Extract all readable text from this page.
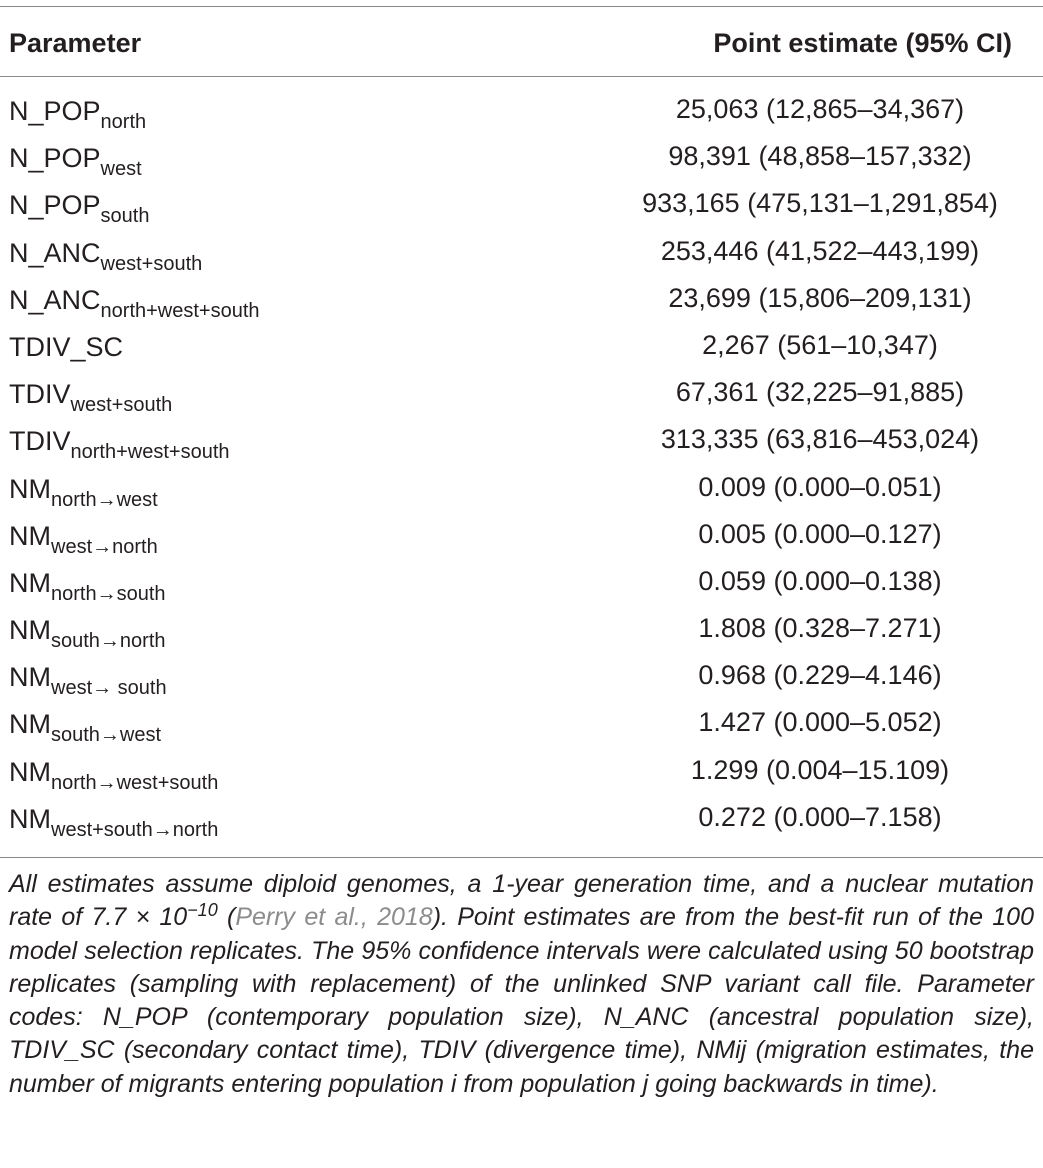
Parameter	Point estimate (95% CI)
$N\_POP_{north}$	25,063 (12,865–34,367)
$N\_POP_{west}$	98,391 (48,858–157,332)
$N\_POP_{south}$	933,165 (475,131–1,291,854)
$N\_ANC_{west+south}$	253,446 (41,522–443,199)
$N\_ANC_{north+west+south}$	23,699 (15,806–209,131)
TDIV_SC	2,267 (561–10,347)
$TDIV_{west+south}$	67,361 (32,225–91,885)
$TDIV_{north+west+south}$	313,335 (63,816–453,024)
$NM_{north\to west}$	0.009 (0.000–0.051)
$NM_{west\to north}$	0.005 (0.000–0.127)
$NM_{north\to south}$	0.059 (0.000–0.138)
$NM_{south\to north}$	1.808 (0.328–7.271)
$NM_{west\to south}$	0.968 (0.229–4.146)
$NM_{south\to west}$	1.427 (0.000–5.052)
$NM_{north\to west+south}$	1.299 (0.004–15.109)
$NM_{west+south\to north}$	0.272 (0.000–7.158)
All estimates assume diploid genomes, a 1-year generation time, and a nuclear mutation rate of $7.7 \times 10^{-10}$ (Perry et al., 2018). Point estimates are from the best-fit run of the 100 model selection replicates. The 95% confidence intervals were calculated using 50 bootstrap replicates (sampling with replacement) of the unlinked SNP variant call file. Parameter codes: N_POP (contemporary population size), N_ANC (ancestral population size), TDIV_SC (secondary contact time), TDIV (divergence time), NMij (migration estimates, the number of migrants entering population i from population j going backwards in time).
